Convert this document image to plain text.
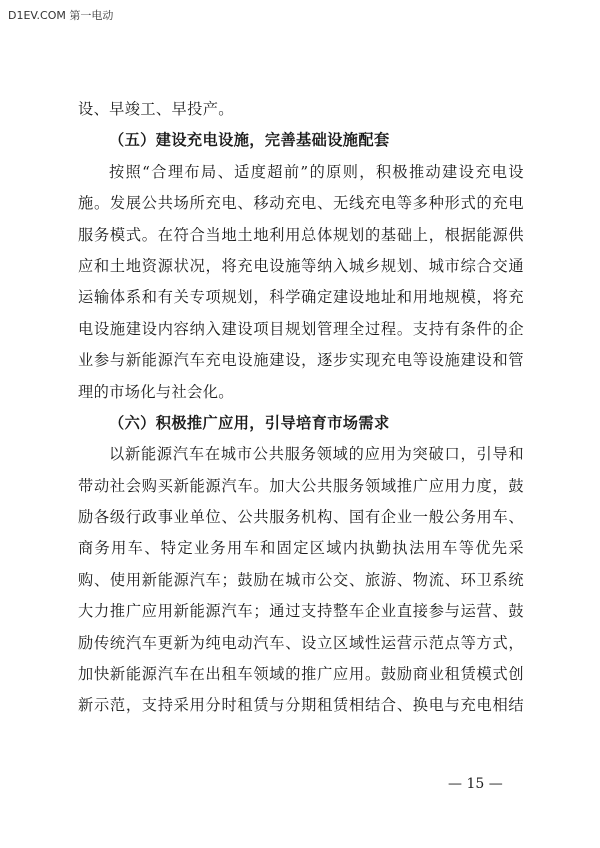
D1EV.COM 第一电动
设、早竣工、早投产。
（五）建设充电设施，完善基础设施配套
按照“合理布局、适度超前”的原则，积极推动建设充电设
施。发展公共场所充电、移动充电、无线充电等多种形式的充电
服务模式。在符合当地土地利用总体规划的基础上，根据能源供
应和土地资源状况，将充电设施等纳入城乡规划、城市综合交通
运输体系和有关专项规划，科学确定建设地址和用地规模，将充
电设施建设内容纳入建设项目规划管理全过程。支持有条件的企
业参与新能源汽车充电设施建设，逐步实现充电等设施建设和管
理的市场化与社会化。
（六）积极推广应用，引导培育市场需求
以新能源汽车在城市公共服务领域的应用为突破口，引导和
带动社会购买新能源汽车。加大公共服务领域推广应用力度，鼓
励各级行政事业单位、公共服务机构、国有企业一般公务用车、
商务用车、特定业务用车和固定区域内执勤执法用车等优先采
购、使用新能源汽车；鼓励在城市公交、旅游、物流、环卫系统
大力推广应用新能源汽车；通过支持整车企业直接参与运营、鼓
励传统汽车更新为纯电动汽车、设立区域性运营示范点等方式，
加快新能源汽车在出租车领域的推广应用。鼓励商业租赁模式创
新示范，支持采用分时租赁与分期租赁相结合、换电与充电相结
— 15 —
